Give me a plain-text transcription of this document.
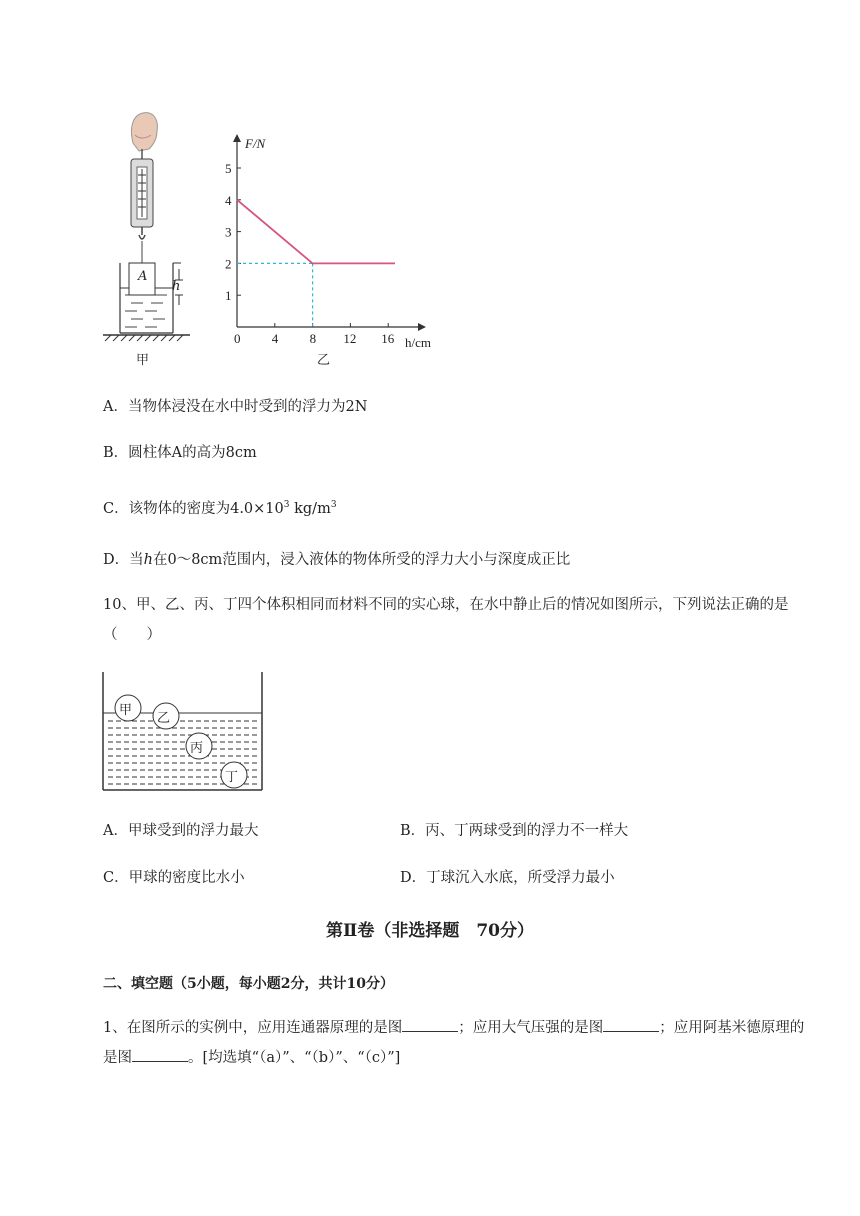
A
h
甲
F/N
h/cm
0 4 8 12 16
1
2
3
4
5
乙
A．当物体浸没在水中时受到的浮力为2N
B．圆柱体A的高为8cm
C．该物体的密度为$4.0\times 10^3$ $kg/m^3$
D．当h在0～8cm范围内，浸入液体的物体所受的浮力大小与深度成正比
10、甲、乙、丙、丁四个体积相同而材料不同的实心球，在水中静止后的情况如图所示，下列说法正确的是（　　）
甲
乙
丙
丁
A．甲球受到的浮力最大	B．丙、丁两球受到的浮力不一样大
C．甲球的密度比水小	D．丁球沉入水底，所受浮力最小
第Ⅱ卷（非选择题　70分）
二、填空题（5小题，每小题2分，共计10分）
1、在图所示的实例中，应用连通器原理的是图	；应用大气压强的是图	；应用阿基米德原理的是图	。[均选填“（a）”、“（b）”、“（c）”]
